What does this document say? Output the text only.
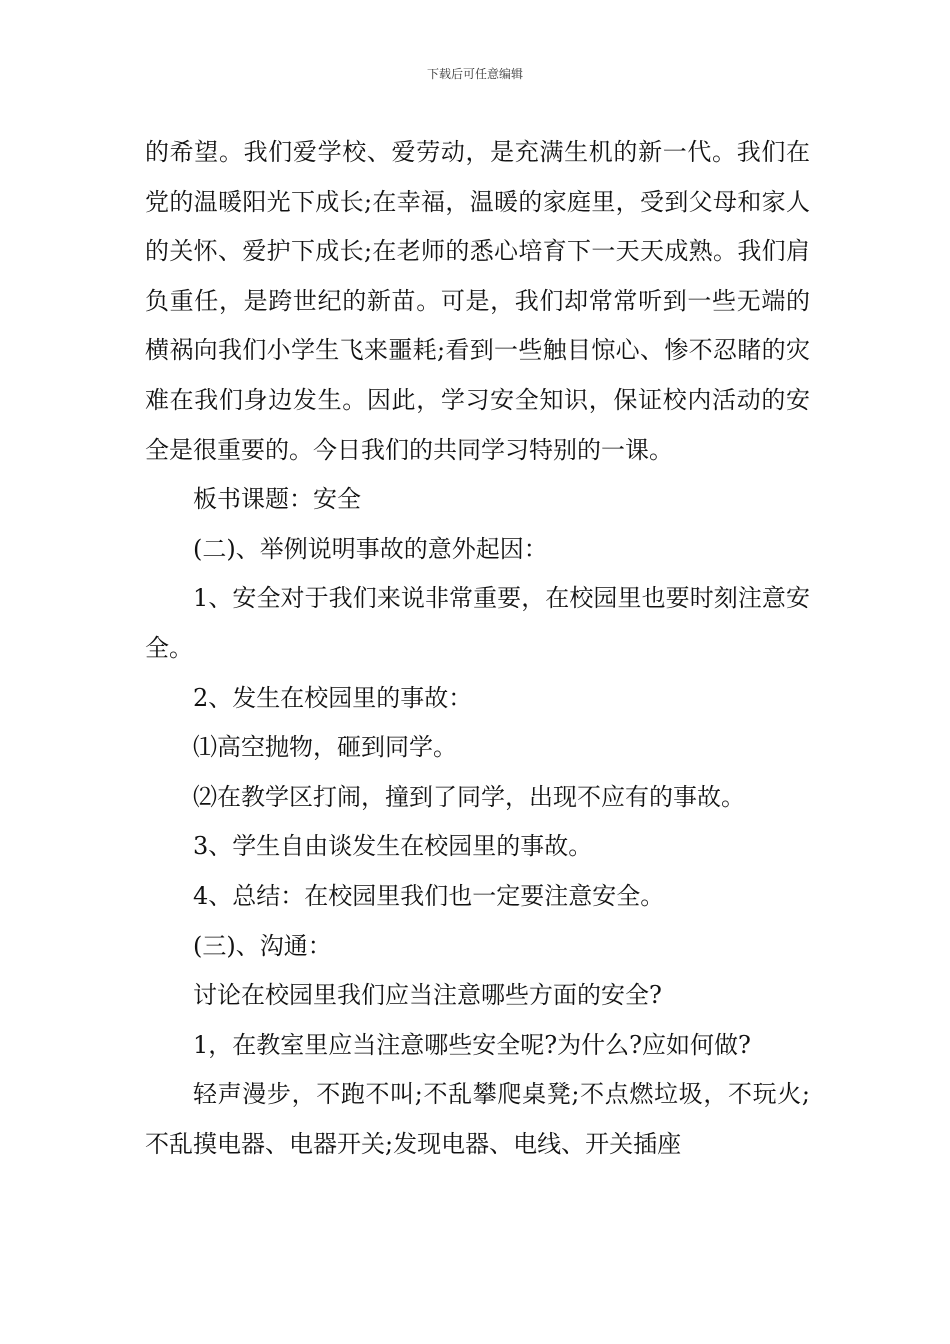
下载后可任意编辑

的希望。我们爱学校、爱劳动，是充满生机的新一代。我们在党的温暖阳光下成长;在幸福，温暖的家庭里，受到父母和家人的关怀、爱护下成长;在老师的悉心培育下一天天成熟。我们肩负重任，是跨世纪的新苗。可是，我们却常常听到一些无端的横祸向我们小学生飞来噩耗;看到一些触目惊心、惨不忍睹的灾难在我们身边发生。因此，学习安全知识，保证校内活动的安全是很重要的。今日我们的共同学习特别的一课。

板书课题：安全

(二)、举例说明事故的意外起因：

1、安全对于我们来说非常重要，在校园里也要时刻注意安全。

2、发生在校园里的事故：

⑴高空抛物，砸到同学。

⑵在教学区打闹，撞到了同学，出现不应有的事故。

3、学生自由谈发生在校园里的事故。

4、总结：在校园里我们也一定要注意安全。

(三)、沟通：

讨论在校园里我们应当注意哪些方面的安全?

1，在教室里应当注意哪些安全呢?为什么?应如何做?

轻声漫步，不跑不叫;不乱攀爬桌凳;不点燃垃圾，不玩火;不乱摸电器、电器开关;发现电器、电线、开关插座
